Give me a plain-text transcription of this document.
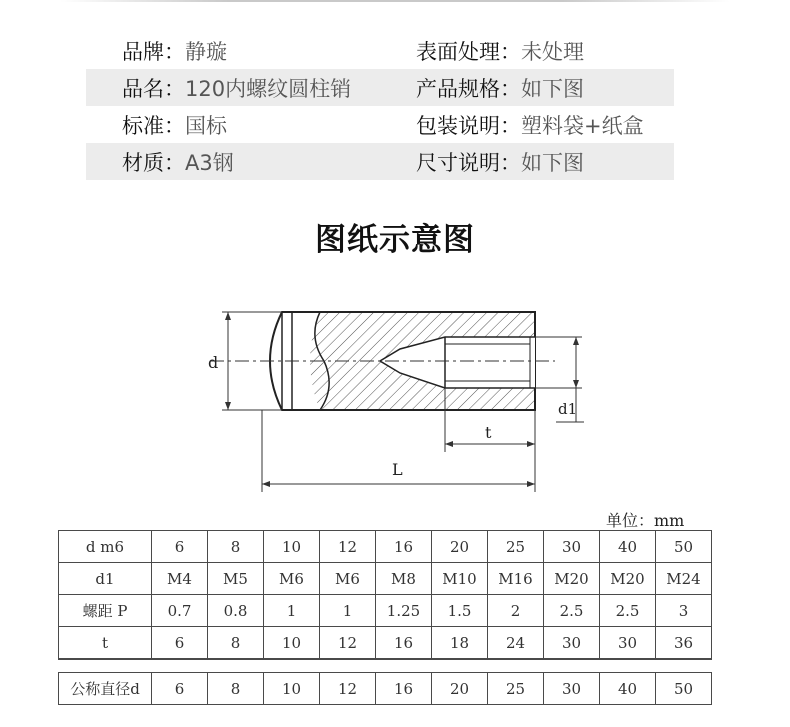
品牌： 静璇	表面处理： 未处理
品名： 120内螺纹圆柱销	产品规格： 如下图
标准： 国标	包装说明： 塑料袋+纸盒
材质： A3钢	尺寸说明： 如下图
图纸示意图
d
d1
t
L
单位：mm
d m6	6	8	10	12	16	20	25	30	40	50
d1	M4	M5	M6	M6	M8	M10	M16	M20	M20	M24
螺距 P	0.7	0.8	1	1	1.25	1.5	2	2.5	2.5	3
t	6	8	10	12	16	18	24	30	30	36

公称直径d	6	8	10	12	16	20	25	30	40	50
